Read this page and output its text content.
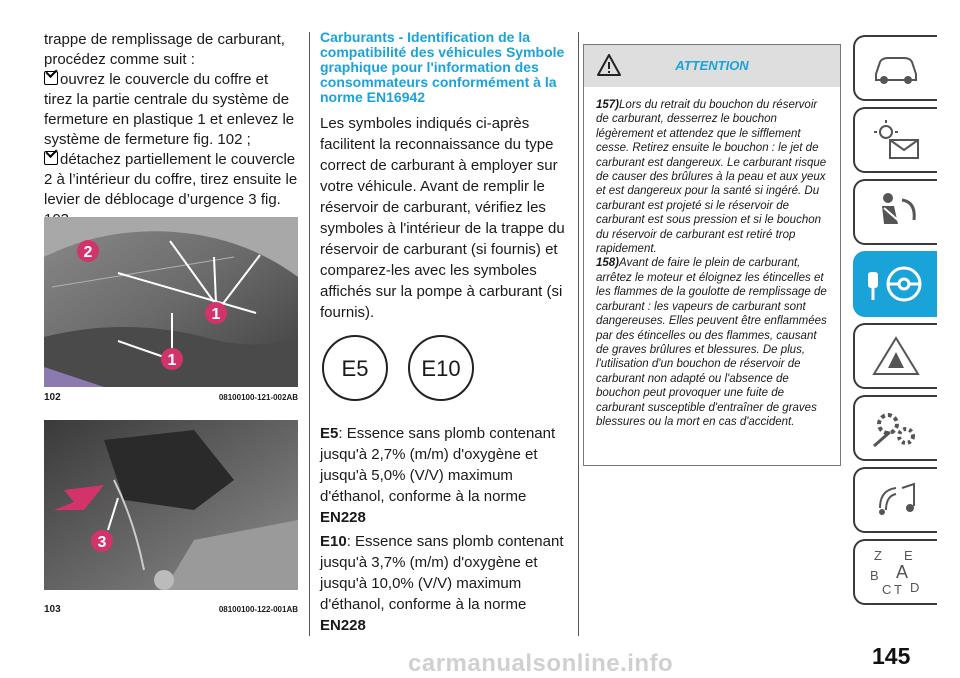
trappe de remplissage de carburant, procédez comme suit :

ouvrez le couvercle du coffre et tirez la partie centrale du système de fermeture en plastique 1 et enlevez le système de fermeture fig. 102 ;

détachez partiellement le couvercle 2 à l’intérieur du coffre, tirez ensuite le levier de déblocage d’urgence 3 fig.

2
1
1
102	08100100-121-002AB
3
103	08100100-122-001AB
Carburants - Identification de la compatibilité des véhicules Symbole graphique pour l'information des consommateurs conformément à la norme EN16942

Les symboles indiqués ci-après facilitent la reconnaissance du type correct de carburant à employer sur votre véhicule. Avant de remplir le réservoir de carburant, vérifiez les symboles à l'intérieur de la trappe du réservoir de carburant (si fournis) et comparez-les avec les symboles affichés sur la pompe à carburant (si fournis).

E5	E10

E5: Essence sans plomb contenant jusqu'à 2,7% (m/m) d'oxygène et jusqu'à 5,0% (V/V) maximum d'éthanol, conforme à la norme EN228

E10: Essence sans plomb contenant jusqu'à 3,7% (m/m) d'oxygène et jusqu'à 10,0% (V/V) maximum d'éthanol, conforme à la norme EN228

ATTENTION

157)Lors du retrait du bouchon du réservoir de carburant, desserrez le bouchon légèrement et attendez que le sifflement cesse. Retirez ensuite le bouchon : le jet de carburant est dangereux. Le carburant risque de causer des brûlures à la peau et aux yeux et est dangereux pour la santé si ingéré. Du carburant est projeté si le réservoir de carburant est sous pression et si le bouchon du réservoir de carburant est retiré trop rapidement.

158)Avant de faire le plein de carburant, arrêtez le moteur et éloignez les étincelles et les flammes de la goulotte de remplissage de carburant : les vapeurs de carburant sont dangereuses. Elles peuvent être enflammées par des étincelles ou des flammes, causant de graves brûlures et blessures. De plus, l'utilisation d'un bouchon de réservoir de carburant non adapté ou l'absence de bouchon peut provoquer une fuite de carburant susceptible d'entraîner de graves blessures ou la mort en cas d'accident.

Z E
B A
C T D
145
carmanualsonline.info
